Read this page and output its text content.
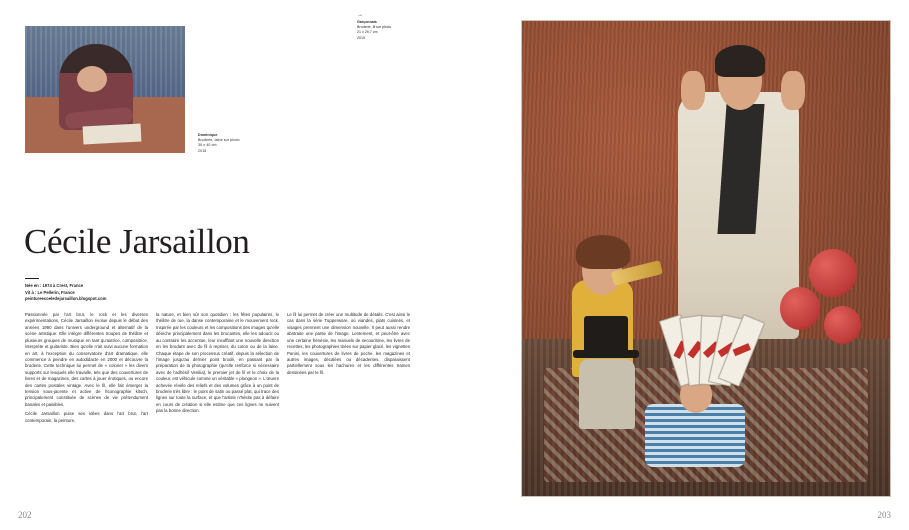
Dominique
Broderie, laine sur photo
30 x 40 cm
2015
Cécile Jarsaillon
Née en : 1974 à Crest, France
Vit à : Le Pellerin, France
peintureecoeledejarsaillon.blogspot.com

Passionnée par l'art brut, le rock et les diverses expérimentations, Cécile Jarsaillon évolue depuis le début des années 1990 dans l'univers underground et alternatif de la scène artistique. Elle intègre différentes troupes de théâtre et plusieurs groupes de musique en tant qu'autrice, compositrice, interprète et guitariste. Bien qu'elle n'ait suivi aucune formation en art, à l'exception du conservatoire d'art dramatique, elle commence à peindre en autodidacte en 2000 et découvre la broderie. Cette technique lui permet de « colorier » les divers supports sur lesquels elle travaille, tels que des couvertures de livres et de magazines, des cartes à jouer érotiques, ou encore des cartes postales vintage. Avec le fil, elle fait émerger la tension sous-jacente et active de l'iconographie kitsch, principalement constituée de scènes de vie prétendument banales et paisibles.

Cécile Jarsaillon puise ses idées dans l'art brut, l'art contemporain, la peinture,

la nature, et bien sûr son quotidien : les fêtes populaires, le théâtre de rue, la danse contemporaine et le mouvement rock. Inspirée par les couleurs et les compositions des images qu'elle déniche principalement dans les brocantes, elle les adoucit ou au contraire les accentue, leur insufflant une nouvelle direction en les brodant avec du fil à repriser, du coton ou de la laine. Chaque étape de son processus créatif, depuis la sélection de l'image jusqu'au dernier point brodé, en passant par la préparation de la photographie (qu'elle renforce si nécessaire avec de l'adhésif Venilia), le premier jet de fil et le choix de la couleur, est véhicule comme un véritable « plongeon ». L'œuvre achevée révèle des reliefs et des volumes grâce à un point de broderie très libre : le point de satin ou passé plat, qui trace des lignes sur toute la surface, et que l'artiste n'hésite pas à défaire en cours de création si elle estime que ces lignes ne suivent pas la bonne direction.

Le fil lui permet de créer une multitude de détails. C'est ainsi le cas dans la série Tupperware, où viandes, plats cuisinés, et visages prennent une dimension nouvelle. Il peut aussi rendre abstraite une partie de l'image. Lentement, et peut-être avec une certaine frénésie, les manuels de secourisme, les livres de recettes, les photographies tirées sur papier glacé, les vignettes Panini, les couvertures de livres de poche, les magazines et autres images, décalées ou décadentes, disparaissent partiellement sous les hachures et les différentes trames dessinées par le fil.

202
→
Garçonnais
Broderie, fil sur photo
21 x 29,7 cm
2015
203
